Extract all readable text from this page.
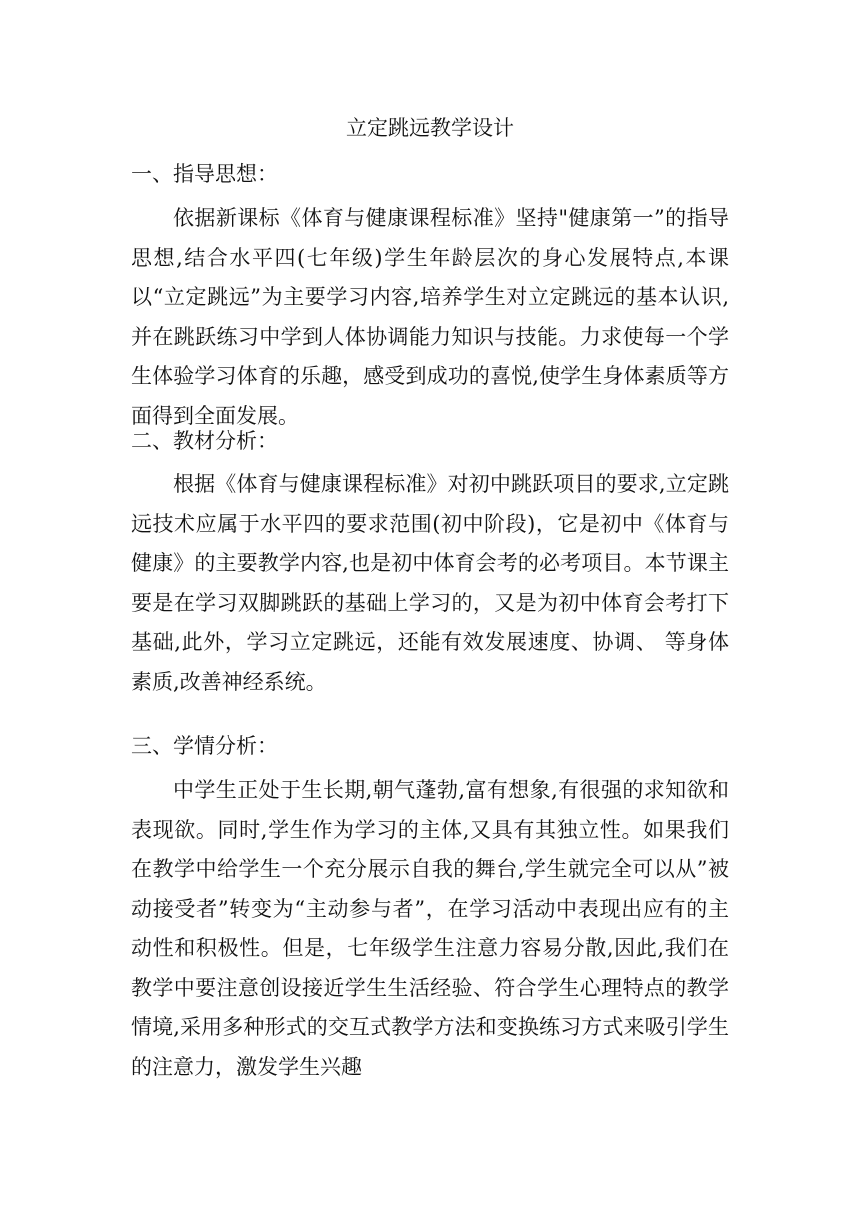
立定跳远教学设计
一、指导思想：
依据新课标《体育与健康课程标准》坚持"健康第一”的指导思想,结合水平四(七年级)学生年龄层次的身心发展特点,本课以“立定跳远”为主要学习内容,培养学生对立定跳远的基本认识,并在跳跃练习中学到人体协调能力知识与技能。力求使每一个学生体验学习体育的乐趣，感受到成功的喜悦,使学生身体素质等方面得到全面发展。
二、教材分析：
根据《体育与健康课程标准》对初中跳跃项目的要求,立定跳远技术应属于水平四的要求范围(初中阶段)，它是初中《体育与健康》的主要教学内容,也是初中体育会考的必考项目。本节课主要是在学习双脚跳跃的基础上学习的，又是为初中体育会考打下基础,此外，学习立定跳远，还能有效发展速度、协调、 等身体素质,改善神经系统。
三、学情分析：
中学生正处于生长期,朝气蓬勃,富有想象,有很强的求知欲和表现欲。同时,学生作为学习的主体,又具有其独立性。如果我们在教学中给学生一个充分展示自我的舞台,学生就完全可以从”被动接受者”转变为“主动参与者”，在学习活动中表现出应有的主动性和积极性。但是，七年级学生注意力容易分散,因此,我们在教学中要注意创设接近学生生活经验、符合学生心理特点的教学情境,采用多种形式的交互式教学方法和变换练习方式来吸引学生的注意力，激发学生兴趣
